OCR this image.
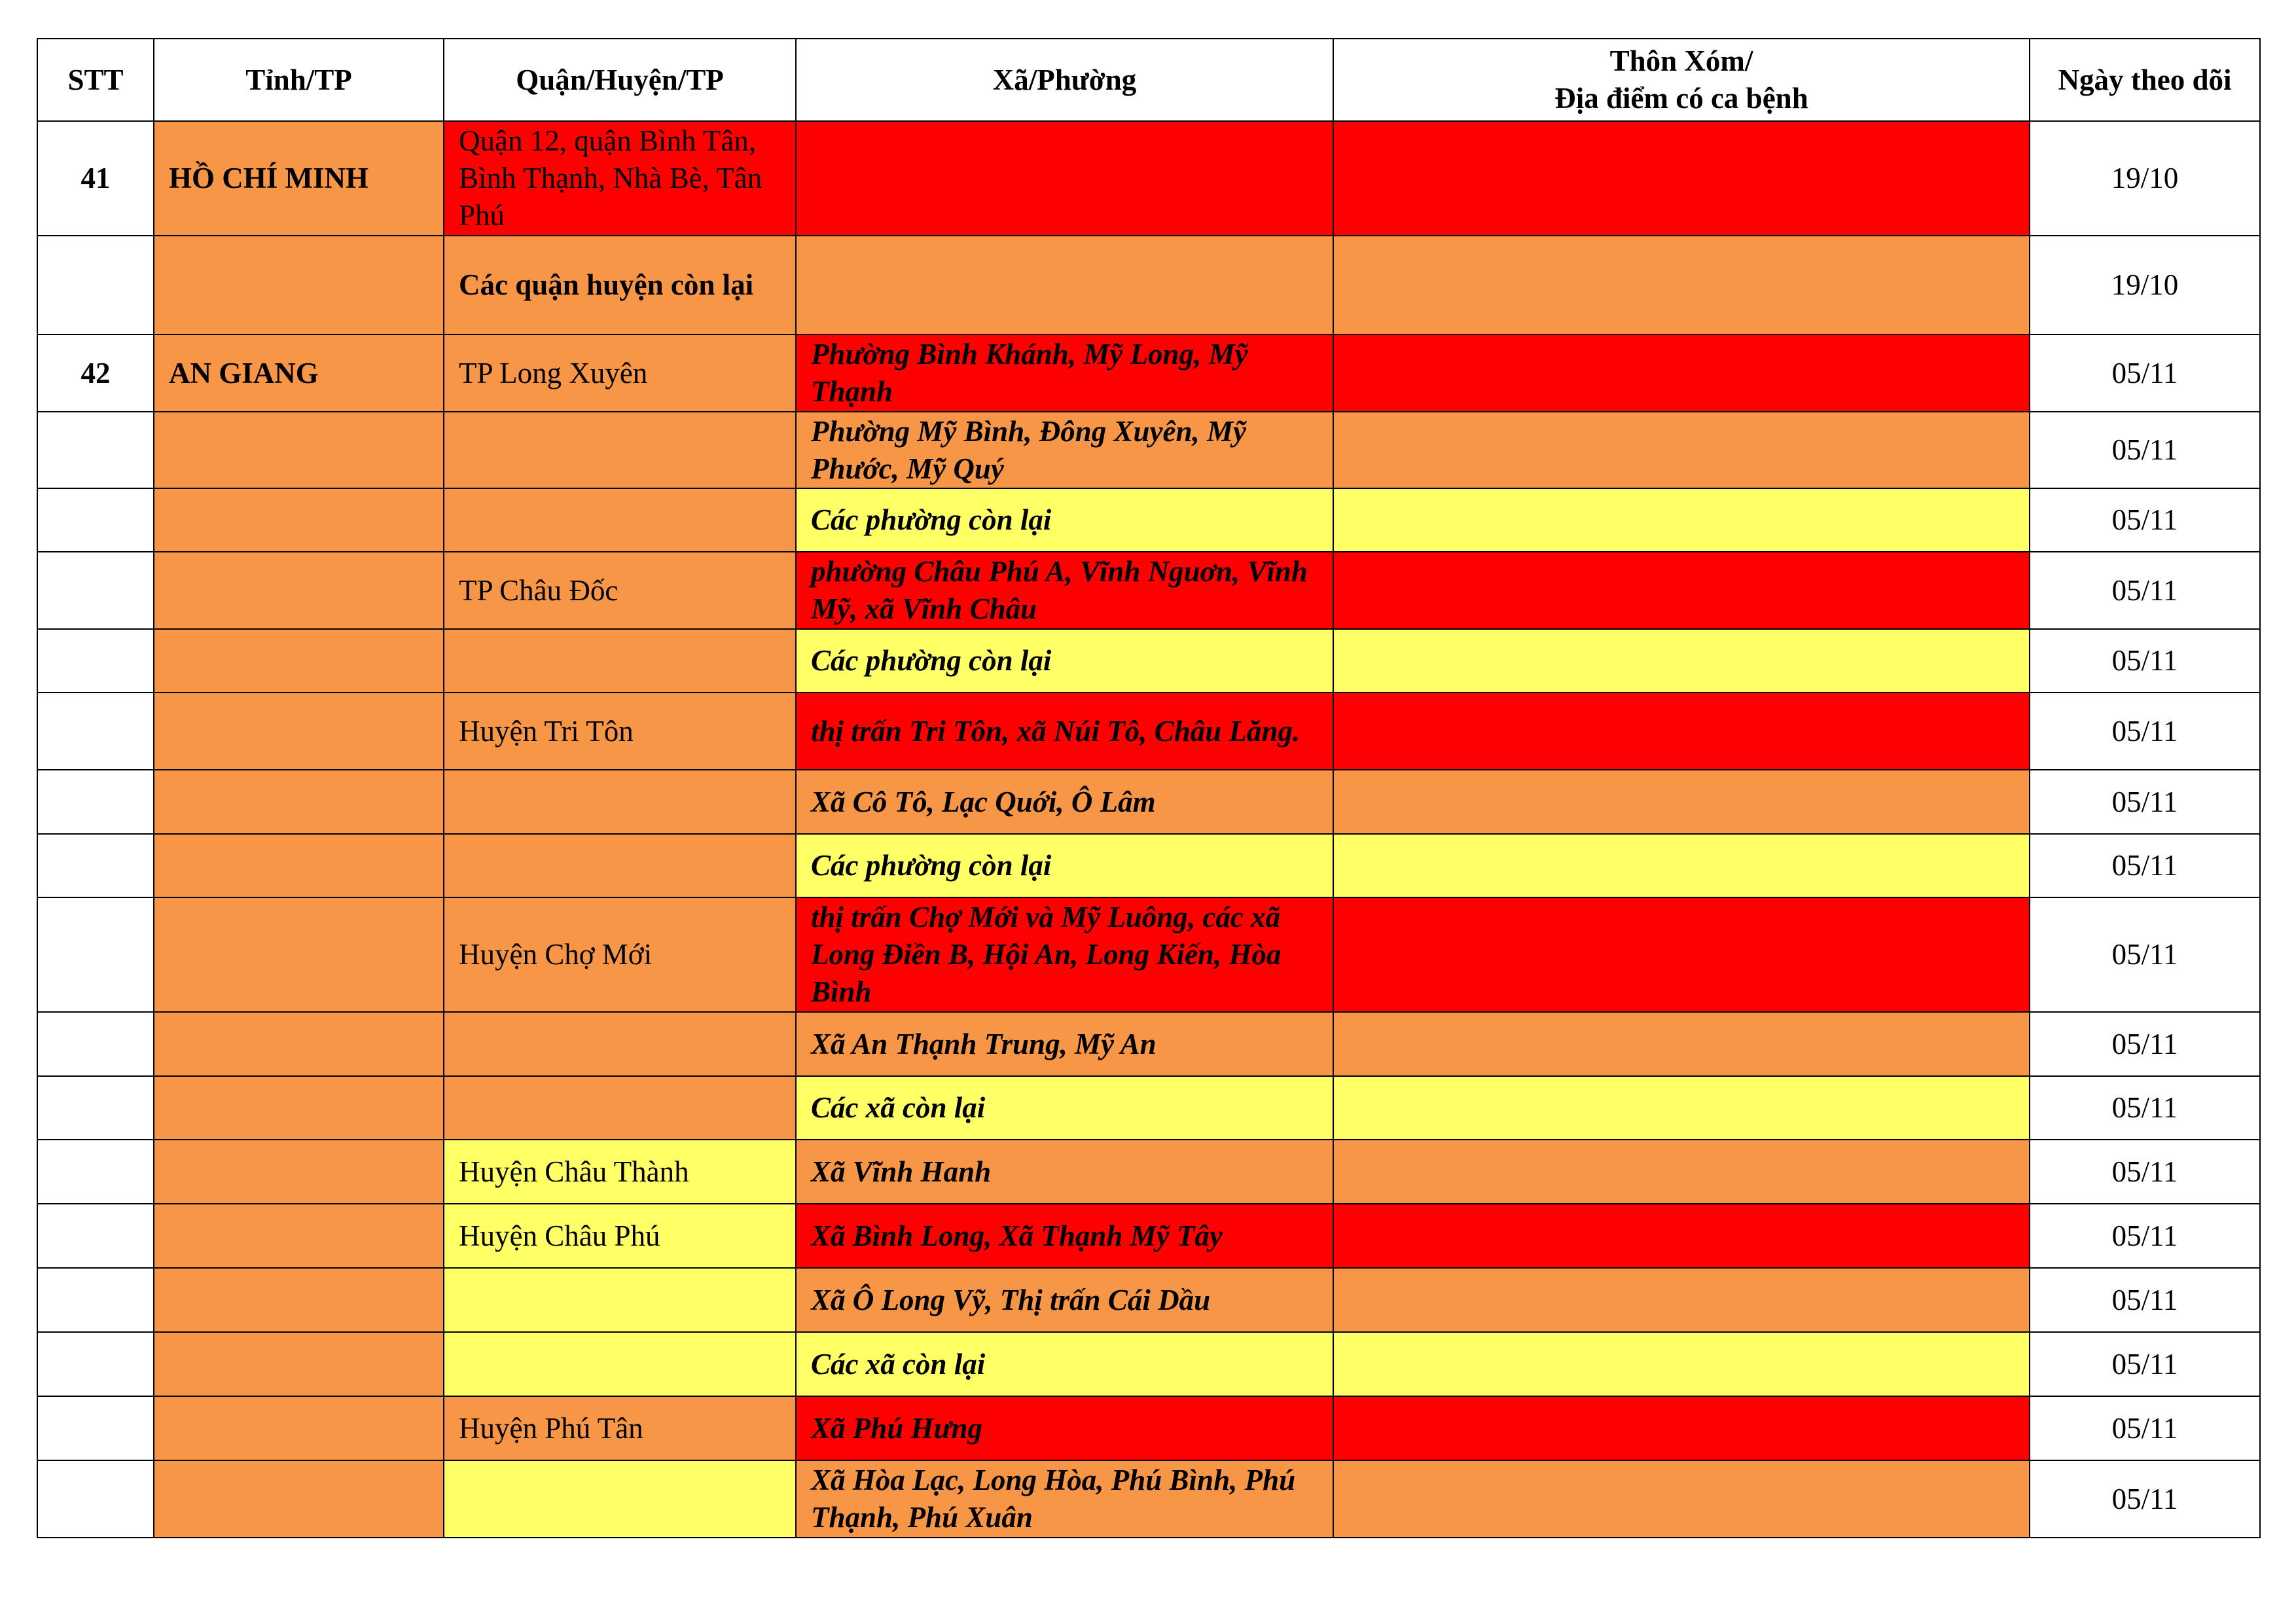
STT	Tỉnh/TP	Quận/Huyện/TP	Xã/Phường	Thôn Xóm/
Địa điểm có ca bệnh	Ngày theo dõi
41	HỒ CHÍ MINH	Quận 12, quận Bình Tân, Bình Thạnh, Nhà Bè, Tân Phú			19/10
		Các quận huyện còn lại			19/10
42	AN GIANG	TP Long Xuyên	Phường Bình Khánh, Mỹ Long, Mỹ Thạnh		05/11
			Phường Mỹ Bình, Đông Xuyên, Mỹ Phước, Mỹ Quý		05/11
			Các phường còn lại		05/11
		TP Châu Đốc	phường Châu Phú A, Vĩnh Nguơn, Vĩnh Mỹ, xã Vĩnh Châu		05/11
			Các phường còn lại		05/11
		Huyện Tri Tôn	thị trấn Tri Tôn, xã Núi Tô, Châu Lăng.		05/11
			Xã Cô Tô, Lạc Quới, Ô Lâm		05/11
			Các phường còn lại		05/11
		Huyện Chợ Mới	thị trấn Chợ Mới và Mỹ Luông, các xã Long Điền B, Hội An, Long Kiến, Hòa Bình		05/11
			Xã An Thạnh Trung, Mỹ An		05/11
			Các xã còn lại		05/11
		Huyện Châu Thành	Xã Vĩnh Hanh		05/11
		Huyện Châu Phú	Xã Bình Long, Xã Thạnh Mỹ Tây		05/11
			Xã Ô Long Vỹ, Thị trấn Cái Dầu		05/11
			Các xã còn lại		05/11
		Huyện Phú Tân	Xã Phú Hưng		05/11
			Xã Hòa Lạc, Long Hòa, Phú Bình, Phú Thạnh, Phú Xuân		05/11
